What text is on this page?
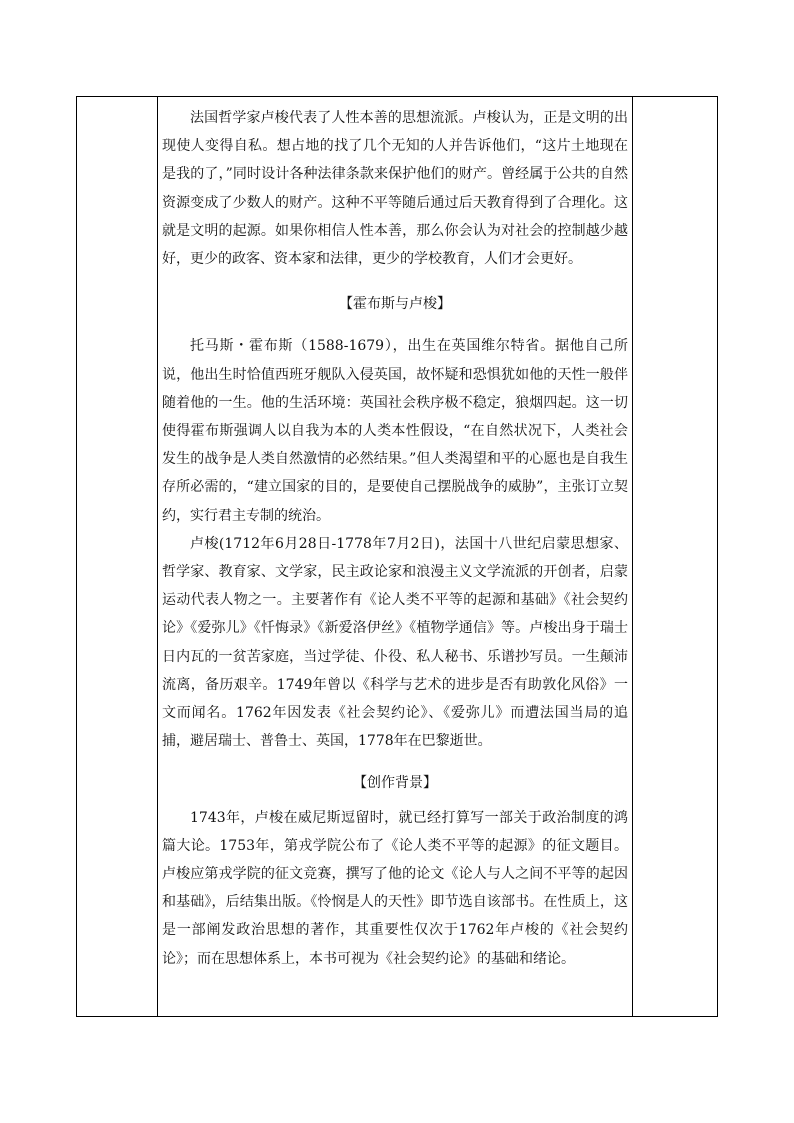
法国哲学家卢梭代表了人性本善的思想流派。卢梭认为，正是文明的出现使人变得自私。想占地的找了几个无知的人并告诉他们，“这片土地现在是我的了，”同时设计各种法律条款来保护他们的财产。曾经属于公共的自然资源变成了少数人的财产。这种不平等随后通过后天教育得到了合理化。这就是文明的起源。如果你相信人性本善，那么你会认为对社会的控制越少越好，更少的政客、资本家和法律，更少的学校教育，人们才会更好。

【霍布斯与卢梭】

托马斯・霍布斯（1588-1679），出生在英国维尔特省。据他自己所说，他出生时恰值西班牙舰队入侵英国，故怀疑和恐惧犹如他的天性一般伴随着他的一生。他的生活环境：英国社会秩序极不稳定，狼烟四起。这一切使得霍布斯强调人以自我为本的人类本性假设，“在自然状况下，人类社会发生的战争是人类自然激情的必然结果。”但人类渴望和平的心愿也是自我生存所必需的，“建立国家的目的，是要使自己摆脱战争的威胁”，主张订立契约，实行君主专制的统治。

卢梭(1712年6月28日-1778年7月2日)，法国十八世纪启蒙思想家、哲学家、教育家、文学家，民主政论家和浪漫主义文学流派的开创者，启蒙运动代表人物之一。主要著作有《论人类不平等的起源和基础》《社会契约论》《爱弥儿》《忏悔录》《新爱洛伊丝》《植物学通信》等。卢梭出身于瑞士日内瓦的一贫苦家庭，当过学徒、仆役、私人秘书、乐谱抄写员。一生颠沛流离，备历艰辛。1749年曾以《科学与艺术的进步是否有助敦化风俗》一文而闻名。1762年因发表《社会契约论》、《爱弥儿》而遭法国当局的追捕，避居瑞士、普鲁士、英国，1778年在巴黎逝世。

【创作背景】

1743年，卢梭在威尼斯逗留时，就已经打算写一部关于政治制度的鸿篇大论。1753年，第戎学院公布了《论人类不平等的起源》的征文题目。卢梭应第戎学院的征文竞赛，撰写了他的论文《论人与人之间不平等的起因和基础》，后结集出版。《怜悯是人的天性》即节选自该部书。在性质上，这是一部阐发政治思想的著作，其重要性仅次于1762年卢梭的《社会契约论》；而在思想体系上，本书可视为《社会契约论》的基础和绪论。
